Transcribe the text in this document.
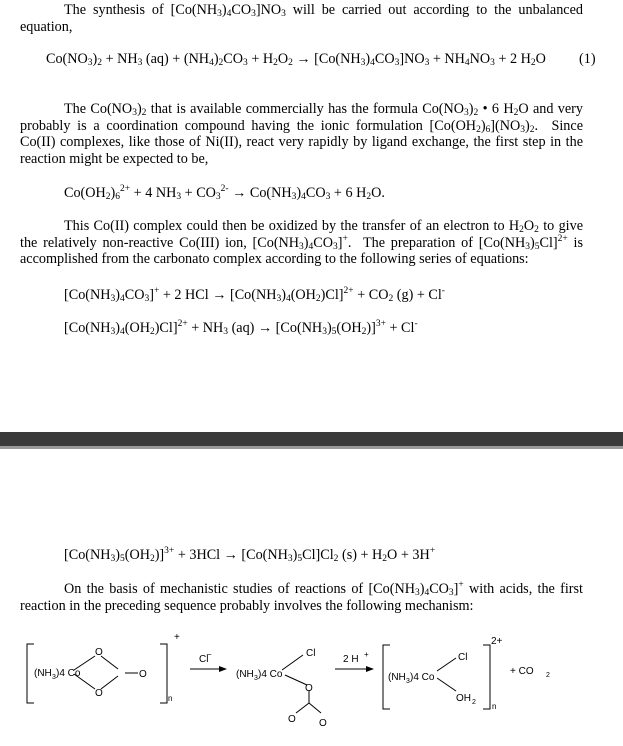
The synthesis of $[Co(NH_3)_4CO_3]NO_3$ will be carried out according to the unbalanced equation,

$Co(NO_3)_2 + NH_3$ $(aq) + (NH_4)_2CO_3 + H_2O_2 \to [Co(NH_3)_4CO_3]NO_3 + NH_4NO_3 + 2$ $H_2O$ (1)

The $Co(NO_3)_2$ that is available commercially has the formula $Co(NO_3)_2$ • 6 $H_2O$ and very probably is a coordination compound having the ionic formulation $[Co(OH_2)_6](NO_3)_2$.  Since Co(II) complexes, like those of Ni(II), react very rapidly by ligand exchange, the first step in the reaction might be expected to be,

$Co(OH_2)_6^{2+} + 4$ $NH_3 + CO_3^{2-} \to Co(NH_3)_4CO_3 + 6$ $H_2O$.

This Co(II) complex could then be oxidized by the transfer of an electron to $H_2O_2$ to give the relatively non-reactive Co(III) ion, $[Co(NH_3)_4CO_3]^+$.  The preparation of $[Co(NH_3)_5Cl]^{2+}$ is accomplished from the carbonato complex according to the following series of equations:

$[Co(NH_3)_4CO_3]^+ + 2$ HCl → $[Co(NH_3)_4(OH_2)Cl]^{2+} + CO_2$ (g) + Cl-

$[Co(NH_3)_4(OH_2)Cl]^{2+} + NH_3$ $(aq) \to [Co(NH_3)_5(OH_2)]^{3+} + Cl^-$

$[Co(NH_3)_5(OH_2)]^{3+} + 3HCl \to [Co(NH_3)_5Cl]Cl_2$ $(s) + H_2O + 3H^+$

On the basis of mechanistic studies of reactions of $[Co(NH_3)_4CO_3]^+$ with acids, the first reaction in the preceding sequence probably involves the following mechanism:

(NH 3 )4 Co
O
O
O
+
n
Cl
−
(NH 3 )4 Co
Cl
O
O O
2 H +
(NH 3 )4 Co
Cl
OH 2
2+
n
+ CO 2
